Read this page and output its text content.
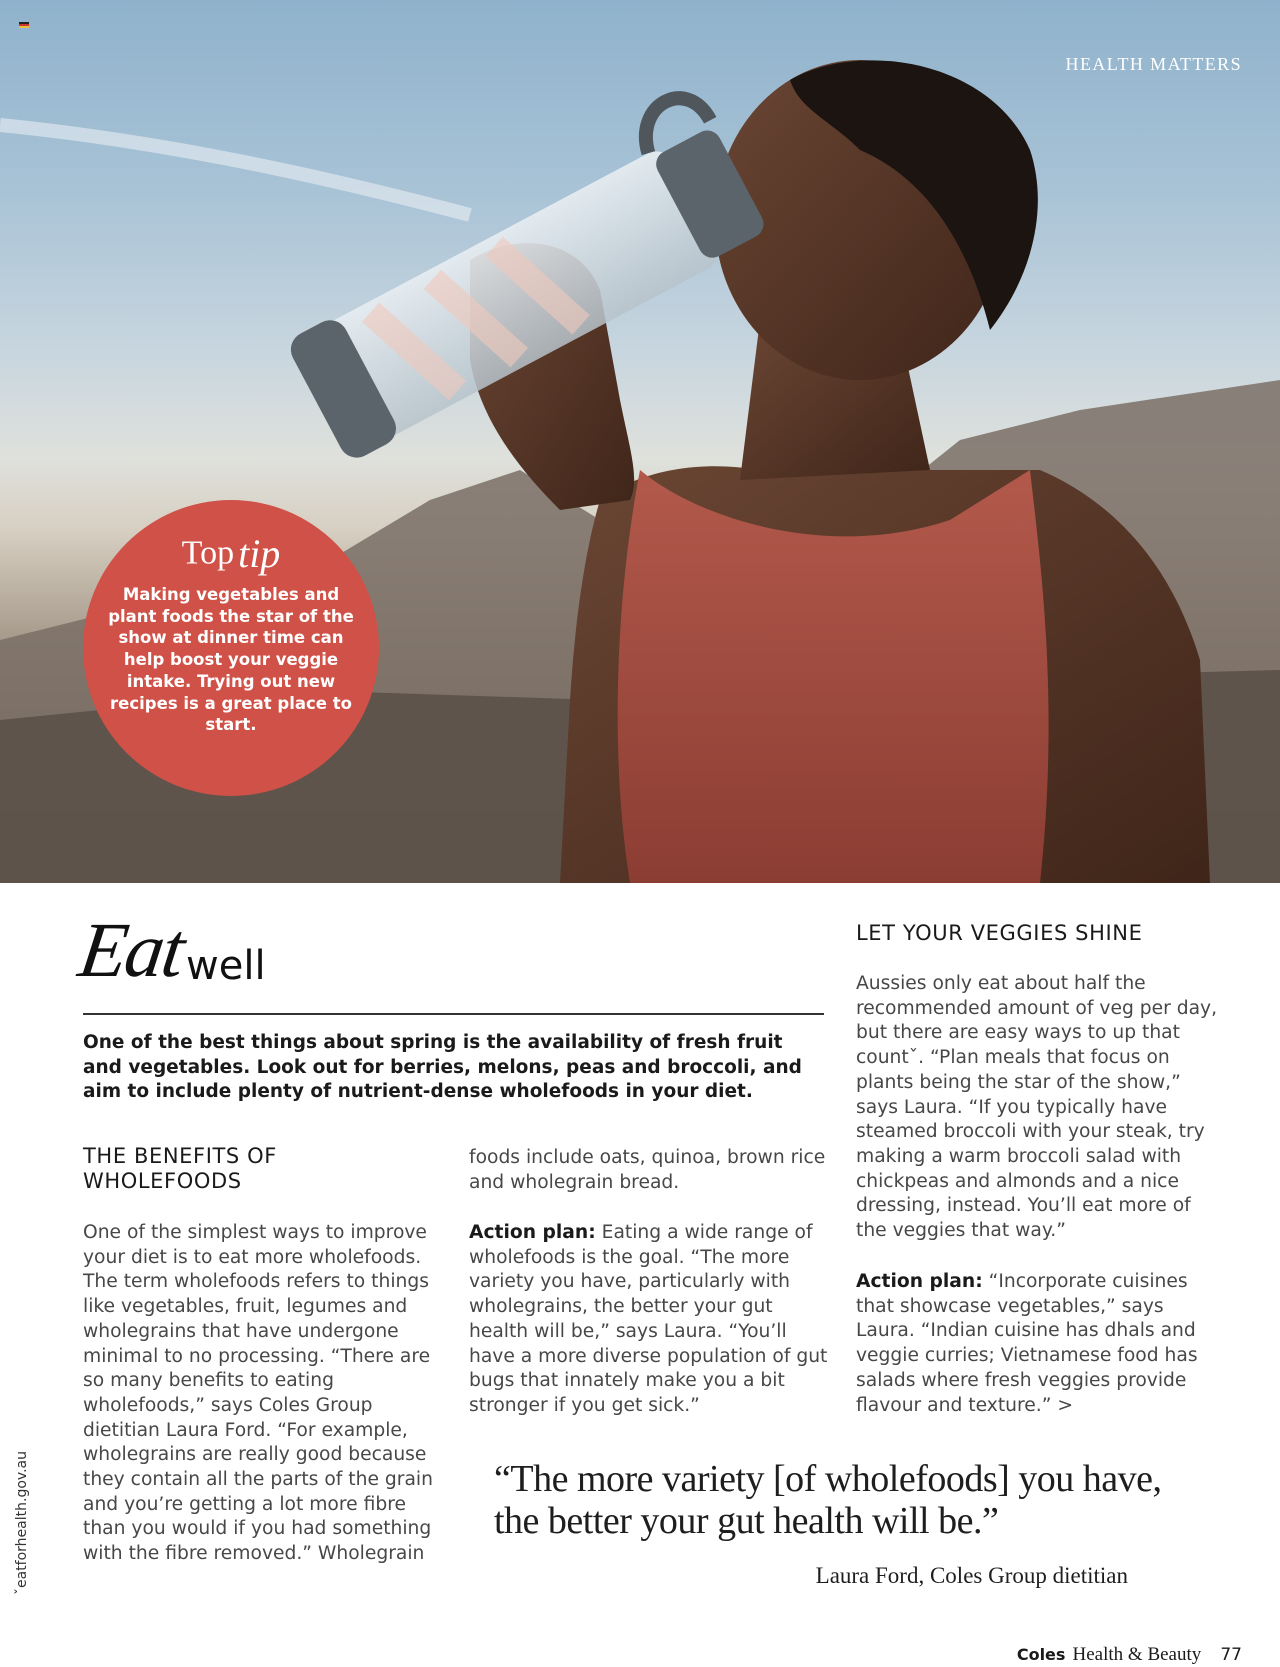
HEALTH MATTERS
Top tip
Making vegetables and plant foods the star of the show at dinner time can help boost your veggie intake. Trying out new recipes is a great place to start.
Eat
well
One of the best things about spring is the availability of fresh fruit and vegetables. Look out for berries, melons, peas and broccoli, and aim to include plenty of nutrient-dense wholefoods in your diet.
THE BENEFITS OF WHOLEFOODS
One of the simplest ways to improve your diet is to eat more wholefoods. The term wholefoods refers to things like vegetables, fruit, legumes and wholegrains that have undergone minimal to no processing. “There are so many benefits to eating wholefoods,” says Coles Group dietitian Laura Ford. “For example, wholegrains are really good because they contain all the parts of the grain and you’re getting a lot more fibre than you would if you had something with the fibre removed.” Wholegrain
foods include oats, quinoa, brown rice and wholegrain bread.
Action plan: Eating a wide range of wholefoods is the goal. “The more variety you have, particularly with wholegrains, the better your gut health will be,” says Laura. “You’ll have a more diverse population of gut bugs that innately make you a bit stronger if you get sick.”
LET YOUR VEGGIES SHINE
Aussies only eat about half the recommended amount of veg per day, but there are easy ways to up that countˇ. “Plan meals that focus on plants being the star of the show,” says Laura. “If you typically have steamed broccoli with your steak, try making a warm broccoli salad with chickpeas and almonds and a nice dressing, instead. You’ll eat more of the veggies that way.”
Action plan: “Incorporate cuisines that showcase vegetables,” says Laura. “Indian cuisine has dhals and veggie curries; Vietnamese food has salads where fresh veggies provide flavour and texture.” >
“The more variety [of wholefoods] you have, the better your gut health will be.”
Laura Ford, Coles Group dietitian
ˇeatforhealth.gov.au
Coles Health & Beauty 77
